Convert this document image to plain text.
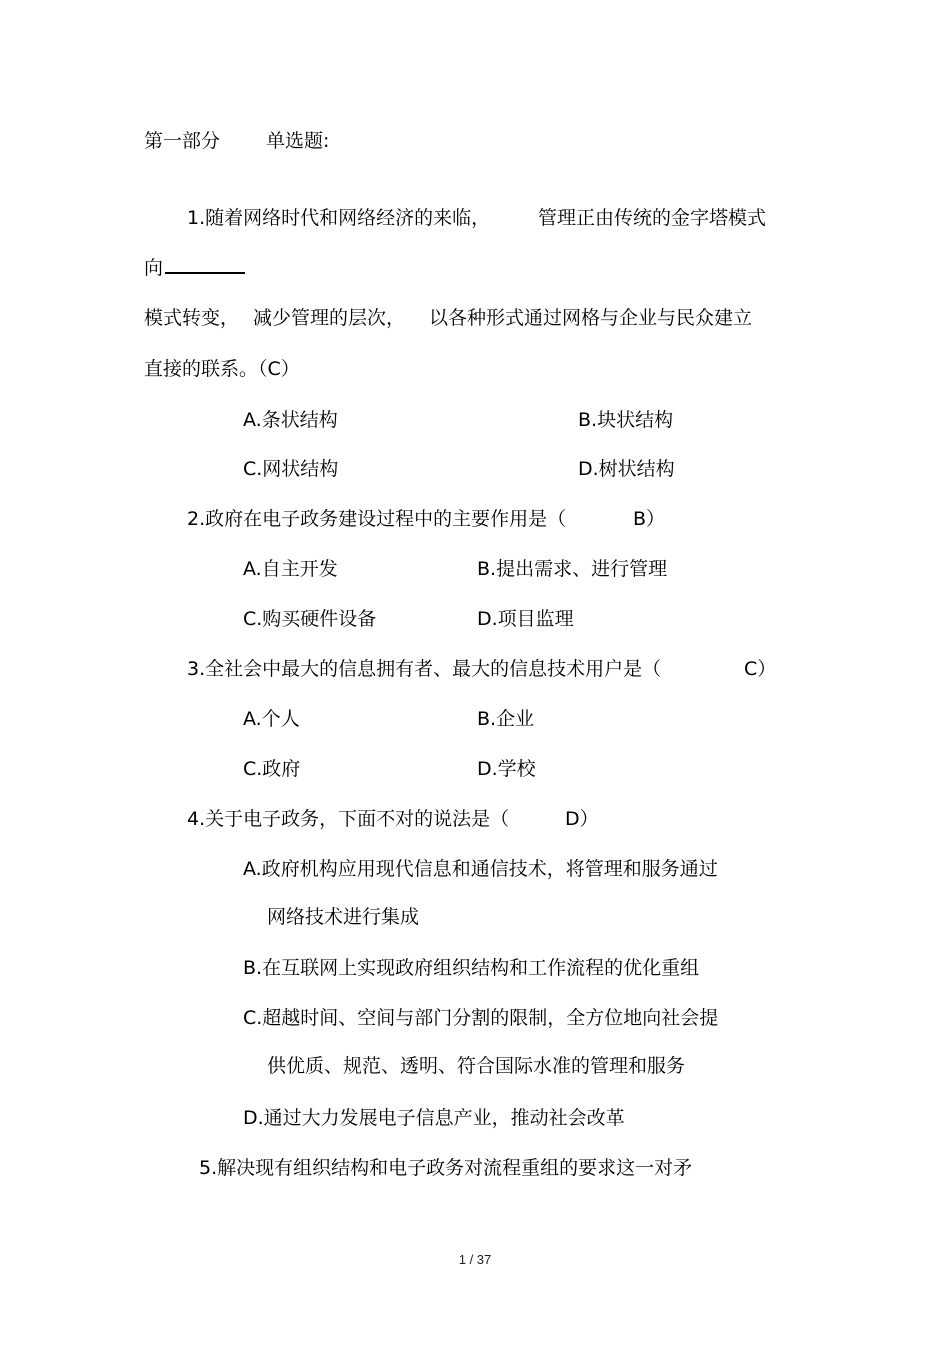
第一部分 单选题:
1.随着网络时代和网络经济的来临，	管理正由传统的金字塔模式
向
模式转变， 减少管理的层次， 以各种形式通过网格与企业与民众建立
直接的联系。（C）
A.条状结构	B.块状结构
C.网状结构	D.树状结构
2.政府在电子政务建设过程中的主要作用是（	B）
A.自主开发	B.提出需求、进行管理
C.购买硬件设备	D.项目监理
3.全社会中最大的信息拥有者、最大的信息技术用户是（	C）
A.个人	B.企业
C.政府	D.学校
4.关于电子政务，下面不对的说法是（	D）
A.政府机构应用现代信息和通信技术，将管理和服务通过
网络技术进行集成
B.在互联网上实现政府组织结构和工作流程的优化重组
C.超越时间、空间与部门分割的限制，全方位地向社会提
供优质、规范、透明、符合国际水准的管理和服务
D.通过大力发展电子信息产业，推动社会改革
5.解决现有组织结构和电子政务对流程重组的要求这一对矛
1 / 37
